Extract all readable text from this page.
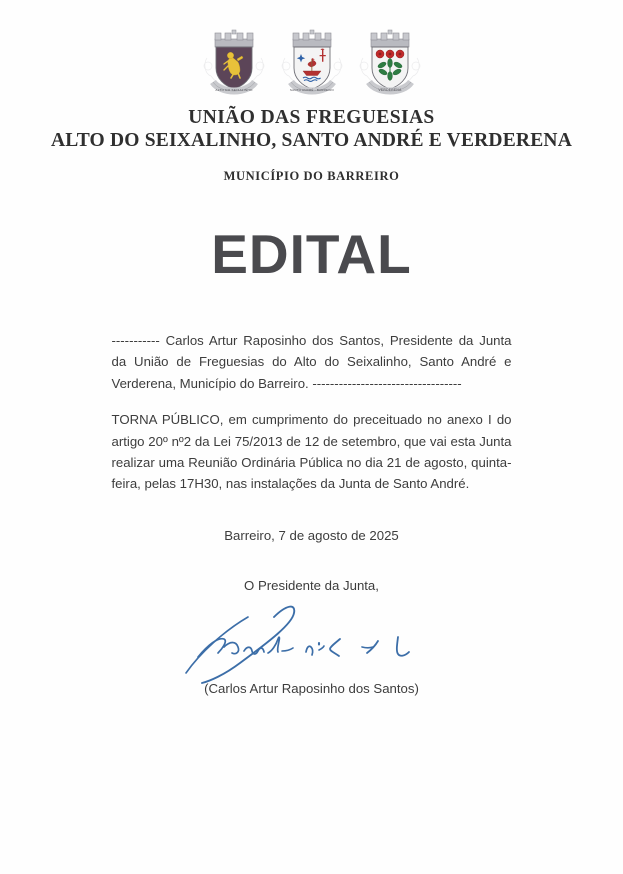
ALTO DO SEIXALINHO	SANTO ANDRÉ - BARREIRO	VERDERENA
UNIÃO DAS FREGUESIAS
ALTO DO SEIXALINHO, SANTO ANDRÉ E VERDERENA
MUNICÍPIO DO BARREIRO
EDITAL

----------- Carlos Artur Raposinho dos Santos, Presidente da Junta da União de Freguesias do Alto do Seixalinho, Santo André e Verderena, Município do Barreiro. ----------------------------------

TORNA PÚBLICO, em cumprimento do preceituado no anexo I do artigo 20º nº2 da Lei 75/2013 de 12 de setembro, que vai esta Junta realizar uma Reunião Ordinária Pública no dia 21 de agosto, quinta-feira, pelas 17H30, nas instalações da Junta de Santo André.

Barreiro, 7 de agosto de 2025
O Presidente da Junta,
(Carlos Artur Raposinho dos Santos)
